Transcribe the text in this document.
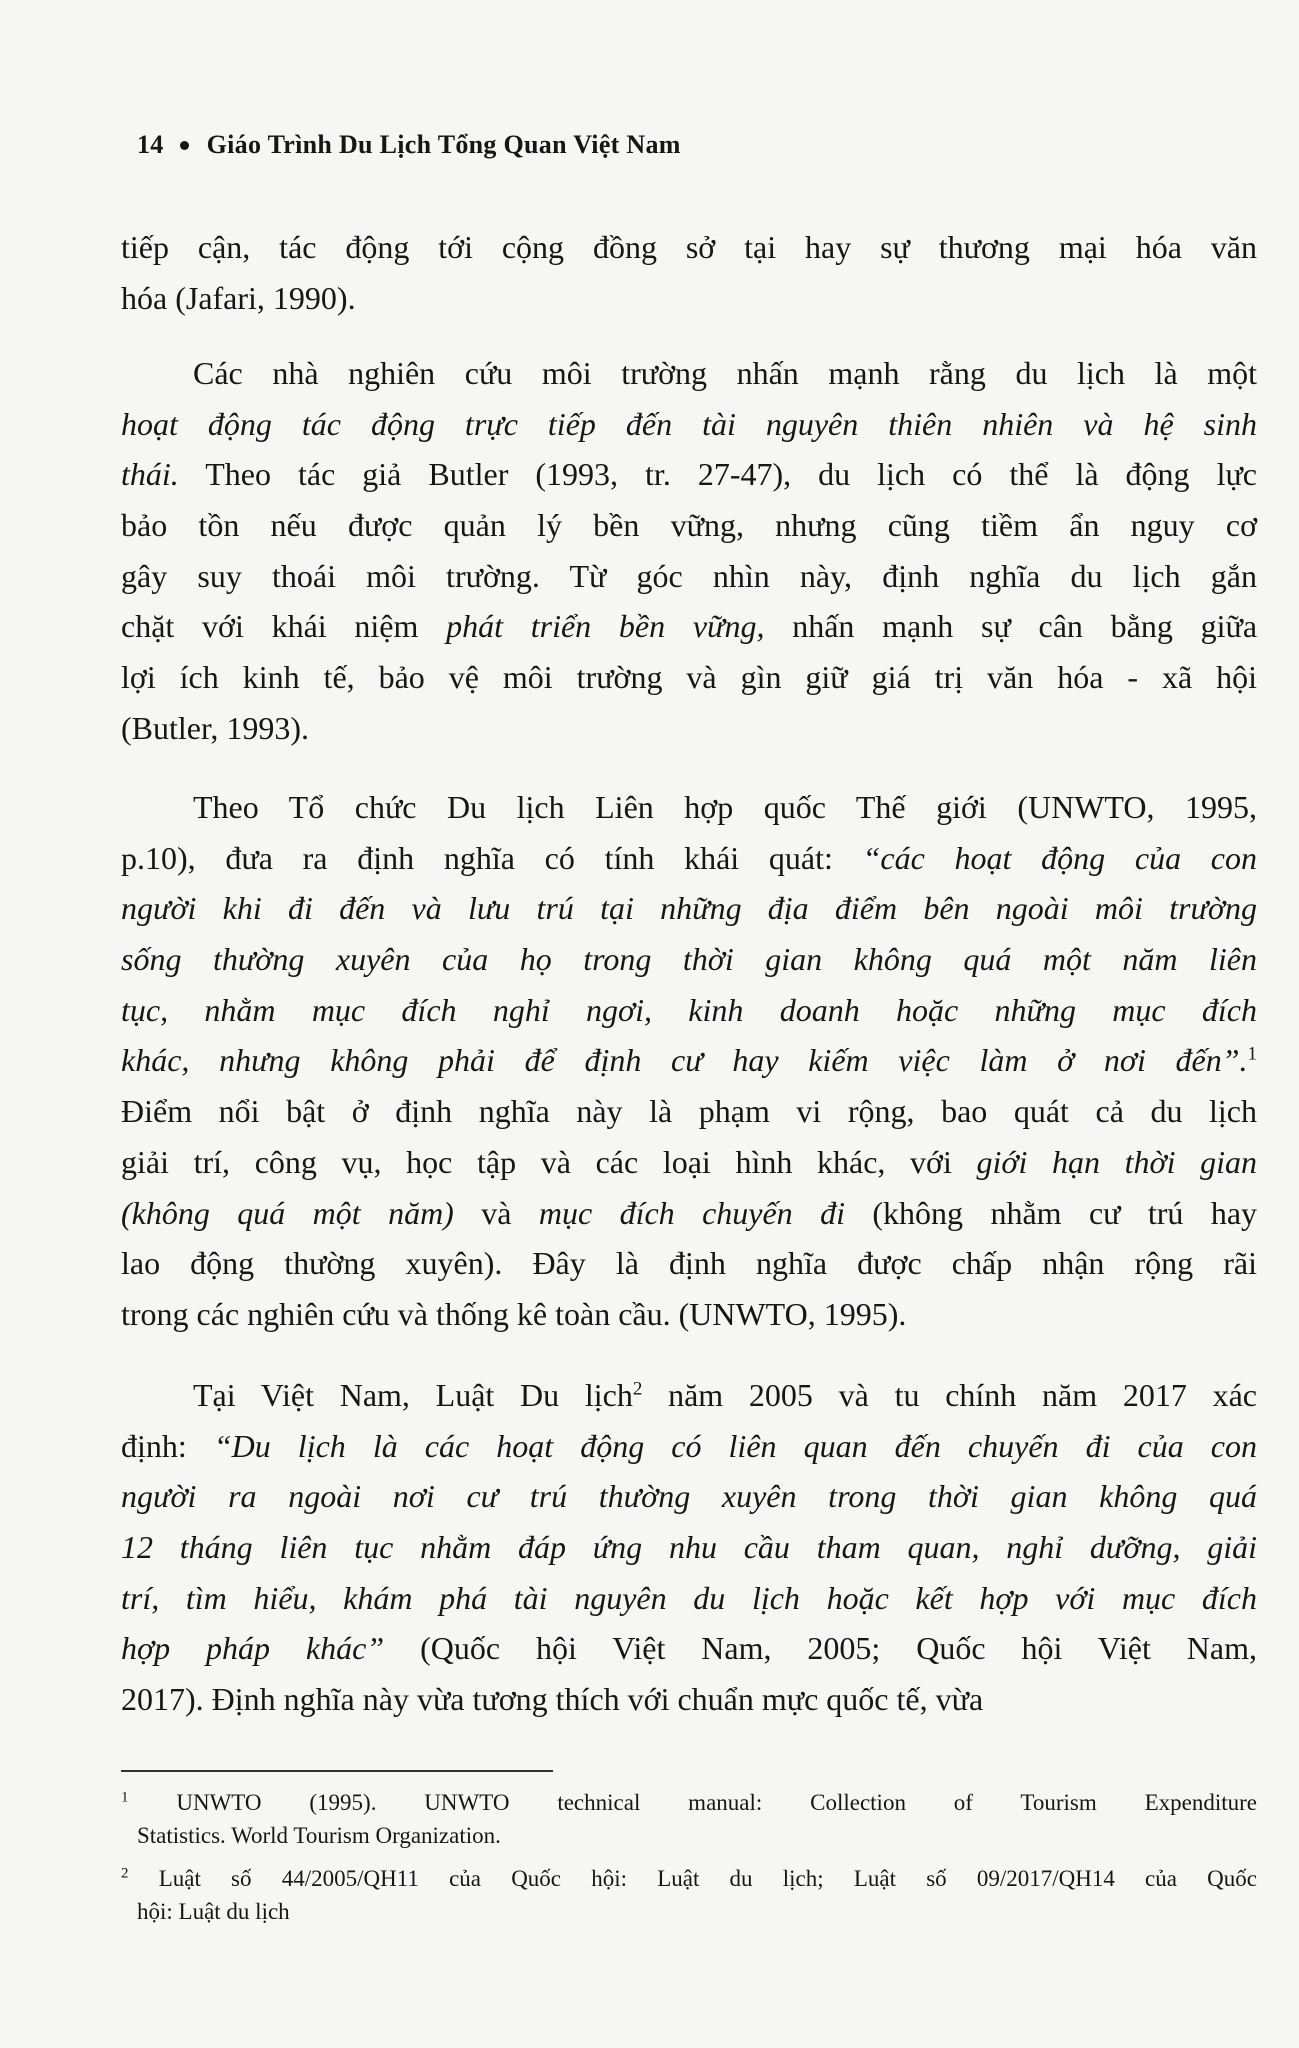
14 Giáo Trình Du Lịch Tổng Quan Việt Nam
tiếp cận, tác động tới cộng đồng sở tại hay sự thương mại hóa văn
hóa (Jafari, 1990).
Các nhà nghiên cứu môi trường nhấn mạnh rằng du lịch là một
hoạt động tác động trực tiếp đến tài nguyên thiên nhiên và hệ sinh
thái. Theo tác giả Butler (1993, tr. 27-47), du lịch có thể là động lực
bảo tồn nếu được quản lý bền vững, nhưng cũng tiềm ẩn nguy cơ
gây suy thoái môi trường. Từ góc nhìn này, định nghĩa du lịch gắn
chặt với khái niệm phát triển bền vững, nhấn mạnh sự cân bằng giữa
lợi ích kinh tế, bảo vệ môi trường và gìn giữ giá trị văn hóa - xã hội
(Butler, 1993).
Theo Tổ chức Du lịch Liên hợp quốc Thế giới (UNWTO, 1995,
p.10), đưa ra định nghĩa có tính khái quát: “các hoạt động của con
người khi đi đến và lưu trú tại những địa điểm bên ngoài môi trường
sống thường xuyên của họ trong thời gian không quá một năm liên
tục, nhằm mục đích nghỉ ngơi, kinh doanh hoặc những mục đích
khác, nhưng không phải để định cư hay kiếm việc làm ở nơi đến”.$^1$
Điểm nổi bật ở định nghĩa này là phạm vi rộng, bao quát cả du lịch
giải trí, công vụ, học tập và các loại hình khác, với giới hạn thời gian
(không quá một năm) và mục đích chuyến đi (không nhằm cư trú hay
lao động thường xuyên). Đây là định nghĩa được chấp nhận rộng rãi
trong các nghiên cứu và thống kê toàn cầu. (UNWTO, 1995).
Tại Việt Nam, Luật Du lịch$^2$ năm 2005 và tu chính năm 2017 xác
định: “Du lịch là các hoạt động có liên quan đến chuyến đi của con
người ra ngoài nơi cư trú thường xuyên trong thời gian không quá
12 tháng liên tục nhằm đáp ứng nhu cầu tham quan, nghỉ dưỡng, giải
trí, tìm hiểu, khám phá tài nguyên du lịch hoặc kết hợp với mục đích
hợp pháp khác” (Quốc hội Việt Nam, 2005; Quốc hội Việt Nam,
2017). Định nghĩa này vừa tương thích với chuẩn mực quốc tế, vừa
$^1$ UNWTO (1995). UNWTO technical manual: Collection of Tourism Expenditure
Statistics. World Tourism Organization.
$^2$ Luật số 44/2005/QH11 của Quốc hội: Luật du lịch; Luật số 09/2017/QH14 của Quốc
hội: Luật du lịch
